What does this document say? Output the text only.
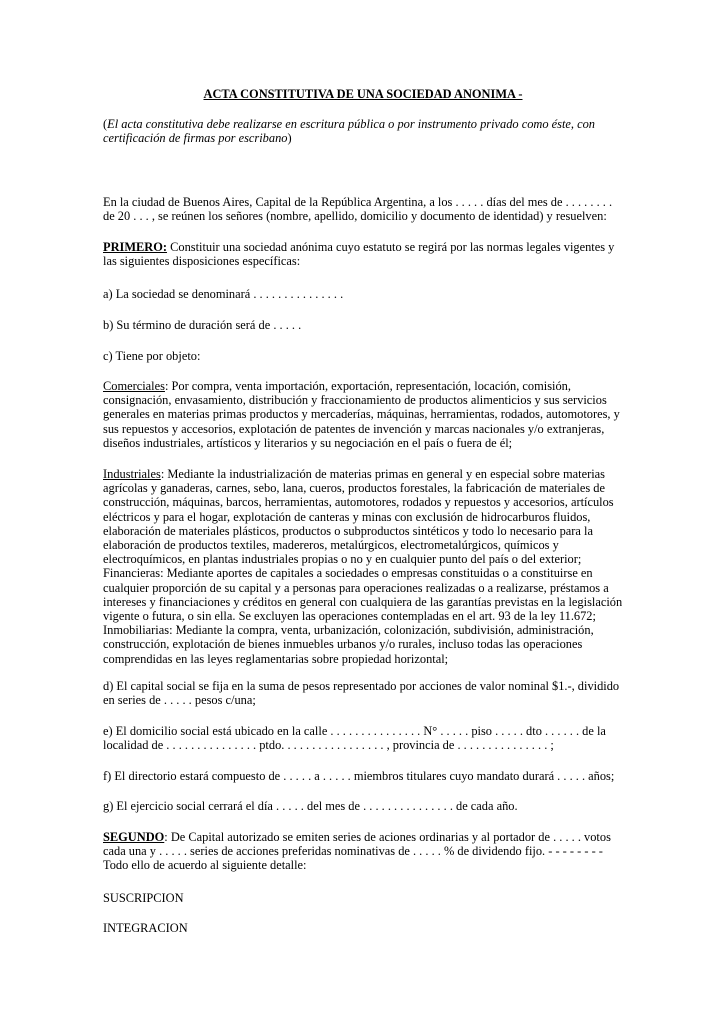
ACTA CONSTITUTIVA DE UNA SOCIEDAD ANONIMA -
(El acta constitutiva debe realizarse en escritura pública o por instrumento privado como éste, con certificación de firmas por escribano)

En la ciudad de Buenos Aires, Capital de la República Argentina, a los . . . . . días del mes de . . . . . . . . de 20 . . . , se reúnen los señores (nombre, apellido, domicilio y documento de identidad) y resuelven:

PRIMERO: Constituir una sociedad anónima cuyo estatuto se regirá por las normas legales vigentes y las siguientes disposiciones específicas:

a) La sociedad se denominará . . . . . . . . . . . . . . .

b) Su término de duración será de . . . . .

c) Tiene por objeto:

Comerciales: Por compra, venta importación, exportación, representación, locación, comisión, consignación, envasamiento, distribución y fraccionamiento de productos alimenticios y sus servicios generales en materias primas productos y mercaderías, máquinas, herramientas, rodados, automotores, y sus repuestos y accesorios, explotación de patentes de invención y marcas nacionales y/o extranjeras, diseños industriales, artísticos y literarios y su negociación en el país o fuera de él;

Industriales: Mediante la industrialización de materias primas en general y en especial sobre materias agrícolas y ganaderas, carnes, sebo, lana, cueros, productos forestales, la fabricación de materiales de construcción, máquinas, barcos, herramientas, automotores, rodados y repuestos y accesorios, artículos eléctricos y para el hogar, explotación de canteras y minas con exclusión de hidrocarburos fluidos, elaboración de materiales plásticos, productos o subproductos sintéticos y todo lo necesario para la elaboración de productos textiles, madereros, metalúrgicos, electrometalúrgicos, químicos y electroquímicos, en plantas industriales propias o no y en cualquier punto del país o del exterior; Financieras: Mediante aportes de capitales a sociedades o empresas constituidas o a constituirse en cualquier proporción de su capital y a personas para operaciones realizadas o a realizarse, préstamos a intereses y financiaciones y créditos en general con cualquiera de las garantías previstas en la legislación vigente o futura, o sin ella. Se excluyen las operaciones contempladas en el art. 93 de la ley 11.672; Inmobiliarias: Mediante la compra, venta, urbanización, colonización, subdivisión, administración, construcción, explotación de bienes inmuebles urbanos y/o rurales, incluso todas las operaciones comprendidas en las leyes reglamentarias sobre propiedad horizontal;

d) El capital social se fija en la suma de pesos representado por acciones de valor nominal $1.-, dividido en series de . . . . . pesos c/una;

e) El domicilio social está ubicado en la calle . . . . . . . . . . . . . . . N° . . . . . piso . . . . . dto . . . . . . de la localidad de . . . . . . . . . . . . . . . ptdo. . . . . . . . . . . . . . . . . , provincia de . . . . . . . . . . . . . . . ;

f) El directorio estará compuesto de . . . . . a . . . . . miembros titulares cuyo mandato durará . . . . . años;

g) El ejercicio social cerrará el día . . . . . del mes de . . . . . . . . . . . . . . . de cada año.

SEGUNDO: De Capital autorizado se emiten series de aciones ordinarias y al portador de . . . . . votos cada una y . . . . . series de acciones preferidas nominativas de . . . . . % de dividendo fijo. - - - - - - - - Todo ello de acuerdo al siguiente detalle:

SUSCRIPCION

INTEGRACION
